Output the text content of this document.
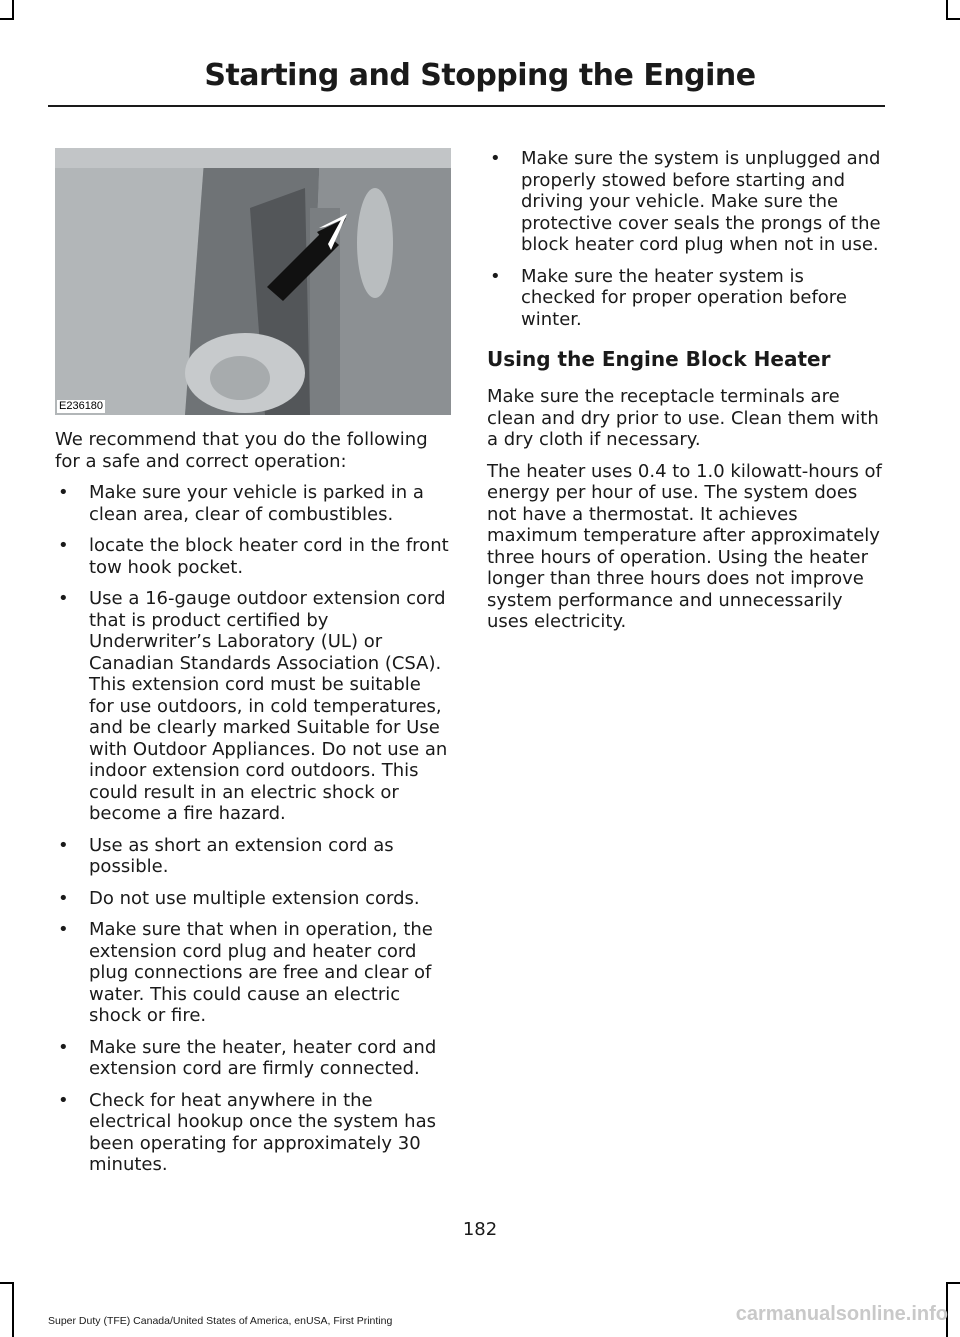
Starting and Stopping the Engine
E236180

We recommend that you do the following for a safe and correct operation:

• Make sure your vehicle is parked in a clean area, clear of combustibles.
• locate the block heater cord in the front tow hook pocket.
• Use a 16-gauge outdoor extension cord that is product certified by Underwriter’s Laboratory (UL) or Canadian Standards Association (CSA). This extension cord must be suitable for use outdoors, in cold temperatures, and be clearly marked Suitable for Use with Outdoor Appliances. Do not use an indoor extension cord outdoors. This could result in an electric shock or become a fire hazard.
• Use as short an extension cord as possible.
• Do not use multiple extension cords.
• Make sure that when in operation, the extension cord plug and heater cord plug connections are free and clear of water. This could cause an electric shock or fire.
• Make sure the heater, heater cord and extension cord are firmly connected.
• Check for heat anywhere in the electrical hookup once the system has been operating for approximately 30 minutes.
• Make sure the system is unplugged and properly stowed before starting and driving your vehicle. Make sure the protective cover seals the prongs of the block heater cord plug when not in use.
• Make sure the heater system is checked for proper operation before winter.
Using the Engine Block Heater

Make sure the receptacle terminals are clean and dry prior to use. Clean them with a dry cloth if necessary.

The heater uses 0.4 to 1.0 kilowatt-hours of energy per hour of use. The system does not have a thermostat. It achieves maximum temperature after approximately three hours of operation. Using the heater longer than three hours does not improve system performance and unnecessarily uses electricity.

182
Super Duty (TFE) Canada/United States of America, enUSA, First Printing	carmanualsonline.info
